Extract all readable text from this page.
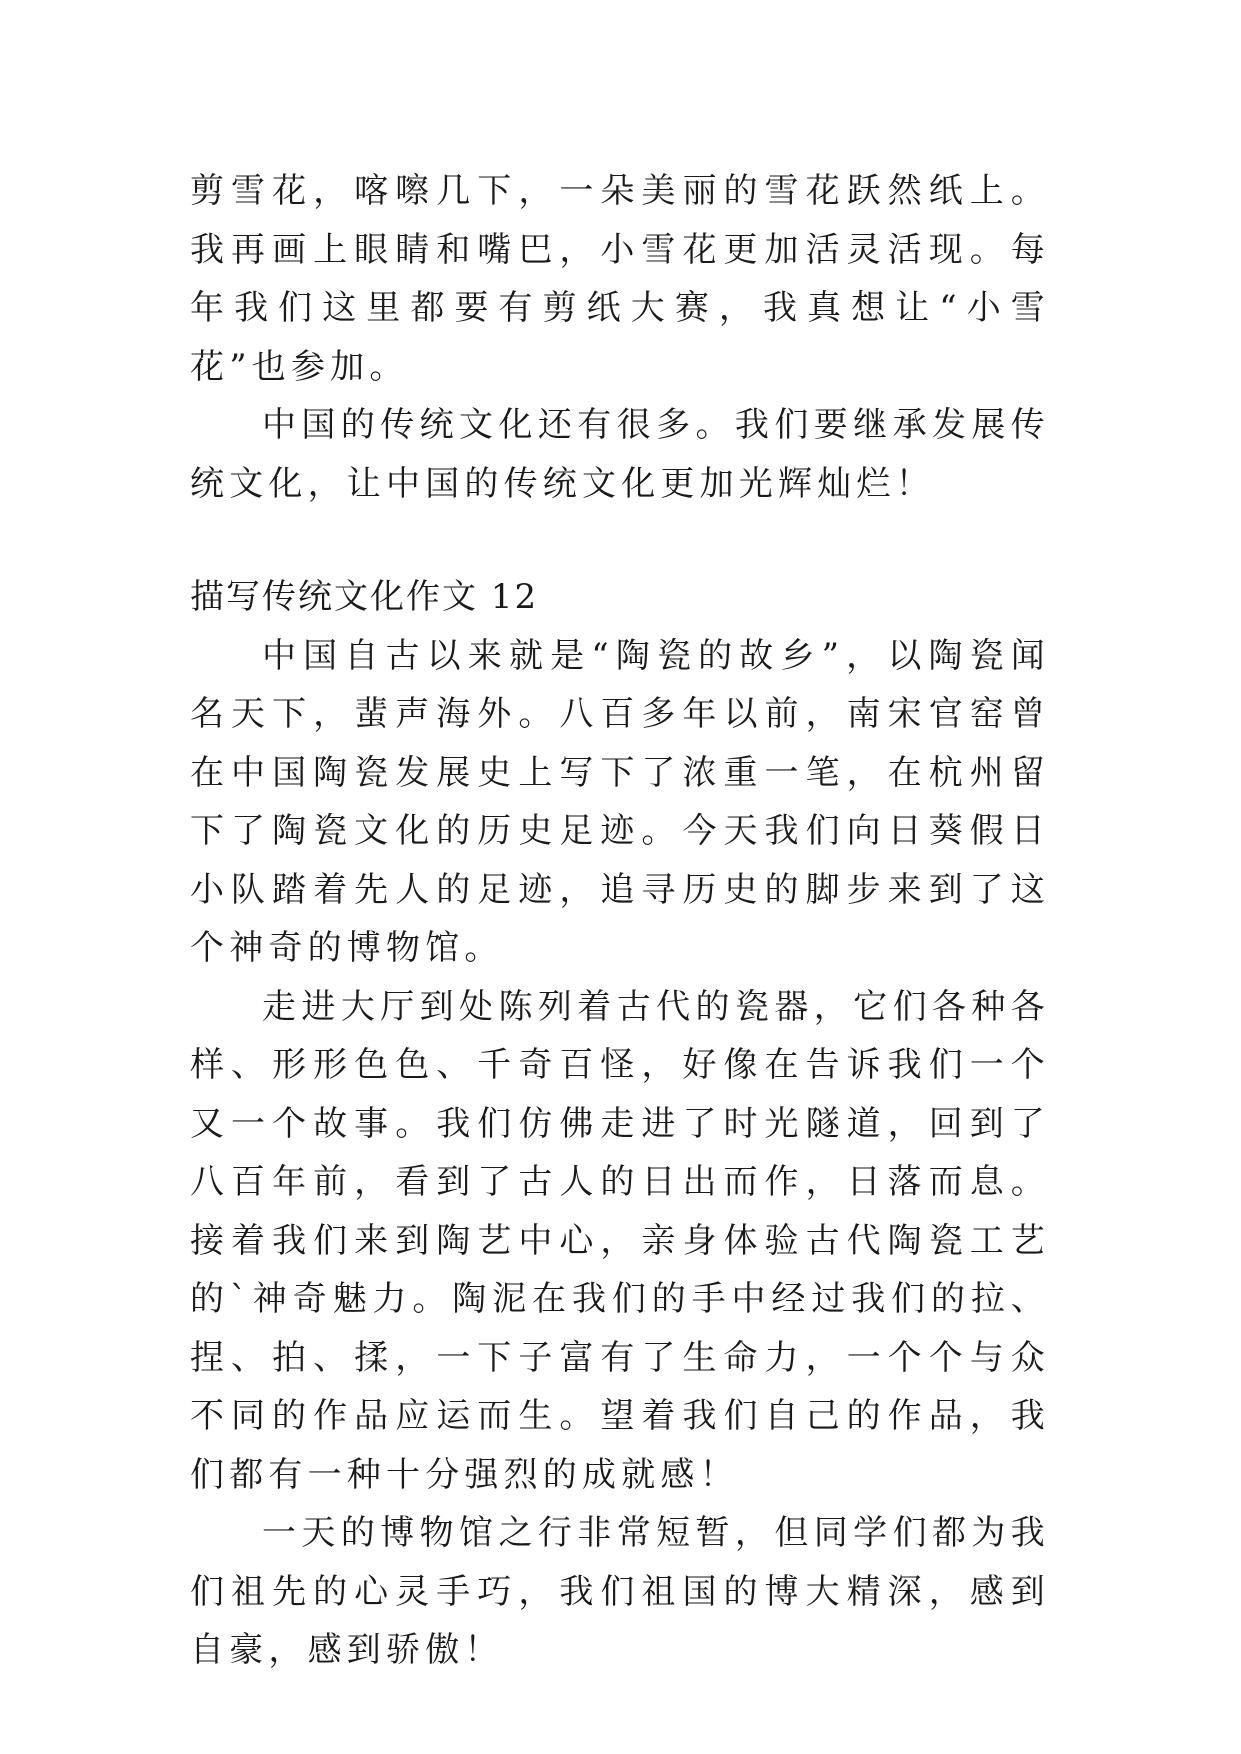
剪雪花，喀嚓几下，一朵美丽的雪花跃然纸上。我再画上眼睛和嘴巴，小雪花更加活灵活现。每年我们这里都要有剪纸大赛，我真想让“小雪花”也参加。

中国的传统文化还有很多。我们要继承发展传统文化，让中国的传统文化更加光辉灿烂！

描写传统文化作文 12

中国自古以来就是“陶瓷的故乡”，以陶瓷闻名天下，蜚声海外。八百多年以前，南宋官窑曾在中国陶瓷发展史上写下了浓重一笔，在杭州留下了陶瓷文化的历史足迹。今天我们向日葵假日小队踏着先人的足迹，追寻历史的脚步来到了这个神奇的博物馆。

走进大厅到处陈列着古代的瓷器，它们各种各样、形形色色、千奇百怪，好像在告诉我们一个又一个故事。我们仿佛走进了时光隧道，回到了八百年前，看到了古人的日出而作，日落而息。接着我们来到陶艺中心，亲身体验古代陶瓷工艺的`神奇魅力。陶泥在我们的手中经过我们的拉、捏、拍、揉，一下子富有了生命力，一个个与众不同的作品应运而生。望着我们自己的作品，我们都有一种十分强烈的成就感！

一天的博物馆之行非常短暂，但同学们都为我们祖先的心灵手巧，我们祖国的博大精深，感到自豪，感到骄傲！
